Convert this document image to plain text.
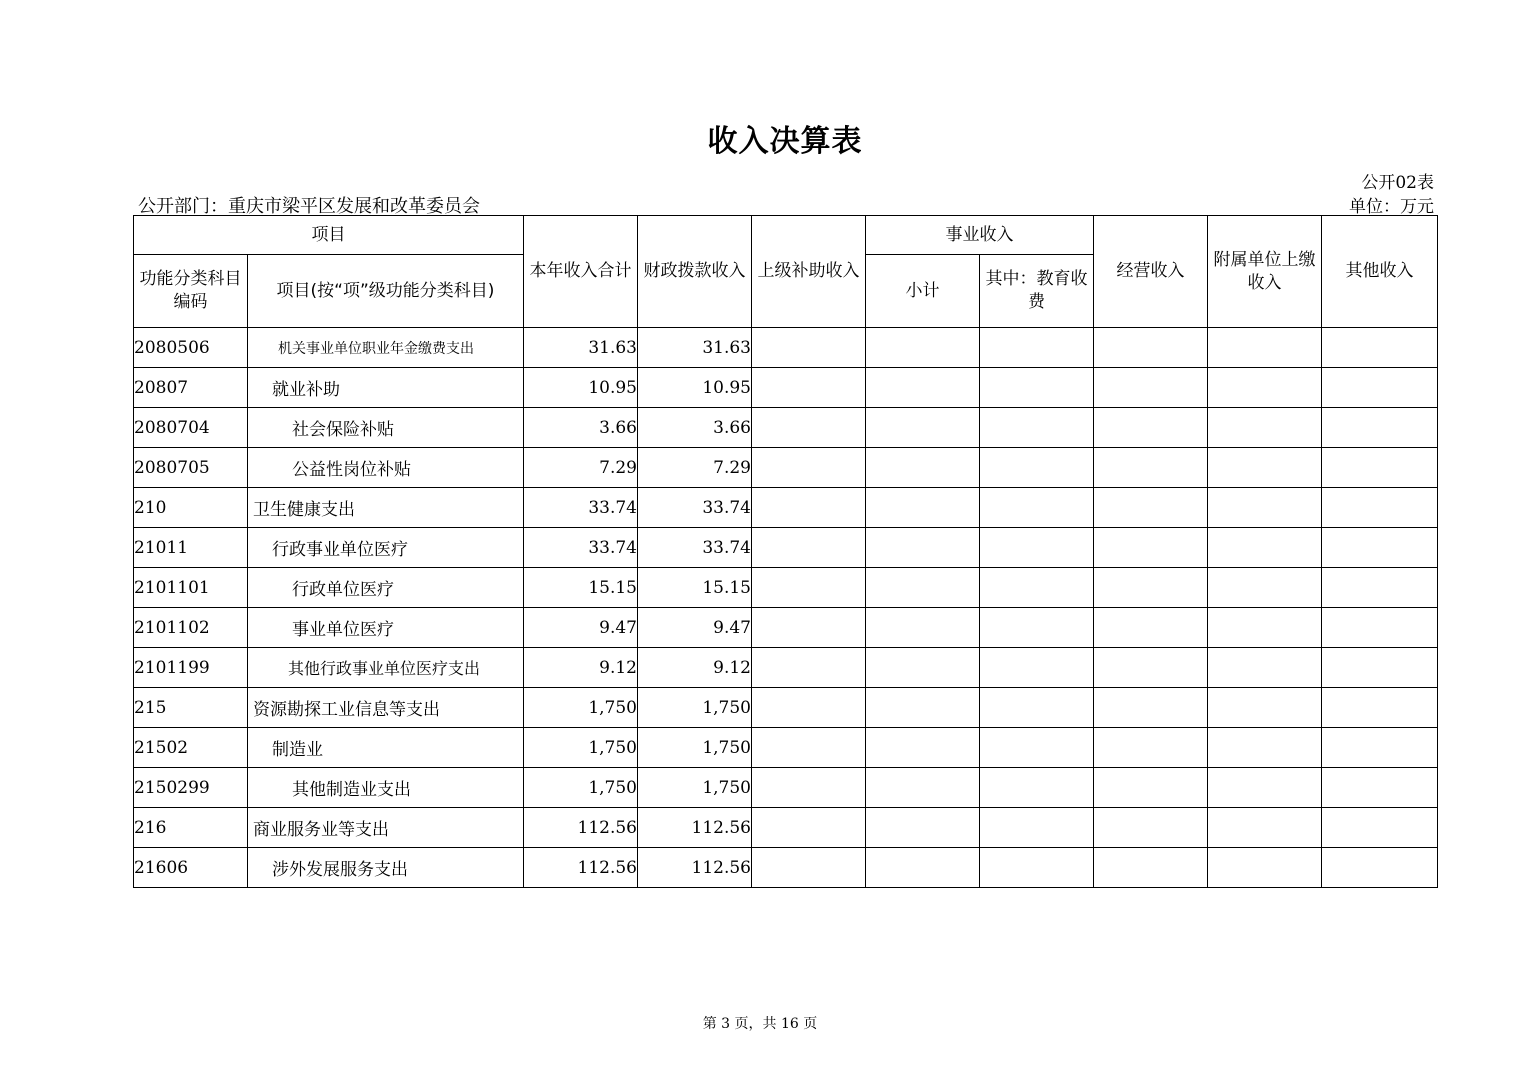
收入决算表
公开02表
公开部门：重庆市梁平区发展和改革委员会	单位：万元
项目		本年收入合计	财政拨款收入	上级补助收入	事业收入		经营收入	附属单位上缴收入	其他收入
功能分类科目编码	项目(按“项”级功能分类科目)								
					小计	其中：教育收费			
2080506	机关事业单位职业年金缴费支出	31.63	31.63						
20807	就业补助	10.95	10.95						
2080704	社会保险补贴	3.66	3.66						
2080705	公益性岗位补贴	7.29	7.29						
210	卫生健康支出	33.74	33.74						
21011	行政事业单位医疗	33.74	33.74						
2101101	行政单位医疗	15.15	15.15						
2101102	事业单位医疗	9.47	9.47						
2101199	其他行政事业单位医疗支出	9.12	9.12						
215	资源勘探工业信息等支出	1,750	1,750						
21502	制造业	1,750	1,750						
2150299	其他制造业支出	1,750	1,750						
216	商业服务业等支出	112.56	112.56						
21606	涉外发展服务支出	112.56	112.56						
第 3 页，共 16 页
